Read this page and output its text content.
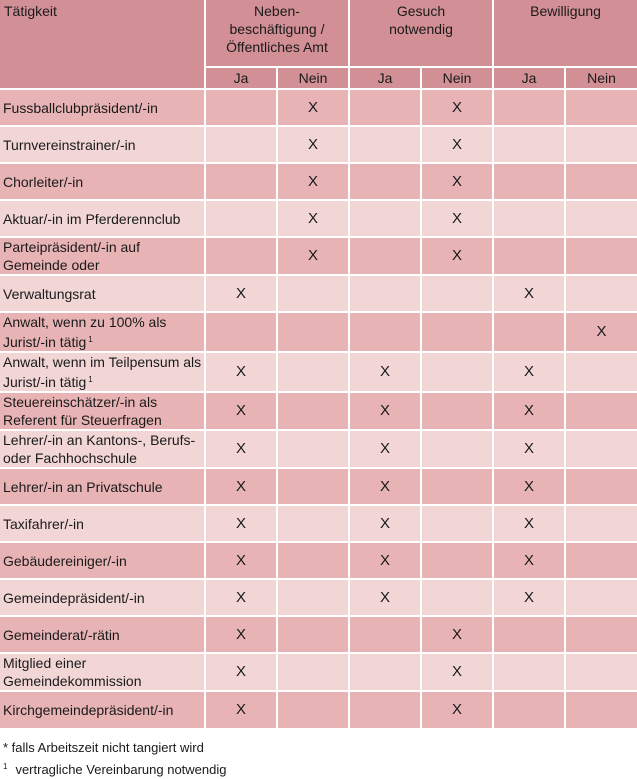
Tätigkeit	Neben-
beschäftigung /
Öffentliches Amt		Gesuch
notwendig		Bewilligung	
	Ja	Nein	Ja	Nein	Ja	Nein
Fussballclubpräsident/-in		X		X		
Turnvereinstrainer/-in		X		X		
Chorleiter/-in		X		X		
Aktuar/-in im Pferderennclub		X		X		
Parteipräsident/-in auf Gemeinde oder		X		X		
Verwaltungsrat	X				X	
Anwalt, wenn zu 100% als Jurist/-in tätig $^1$						X
Anwalt, wenn im Teilpensum als Jurist/-in tätig $^1$	X		X		X	
Steuereinschätzer/-in als Referent für Steuerfragen	X		X		X	
Lehrer/-in an Kantons-, Berufs- oder Fachhochschule	X		X		X	
Lehrer/-in an Privatschule	X		X		X	
Taxifahrer/-in	X		X		X	
Gebäudereiniger/-in	X		X		X	
Gemeindepräsident/-in	X		X		X	
Gemeinderat/-rätin	X			X		
Mitglied einer Gemeindekommission	X			X		
Kirchgemeindepräsident/-in	X			X		
* falls Arbeitszeit nicht tangiert wird
$^1$ vertragliche Vereinbarung notwendig
